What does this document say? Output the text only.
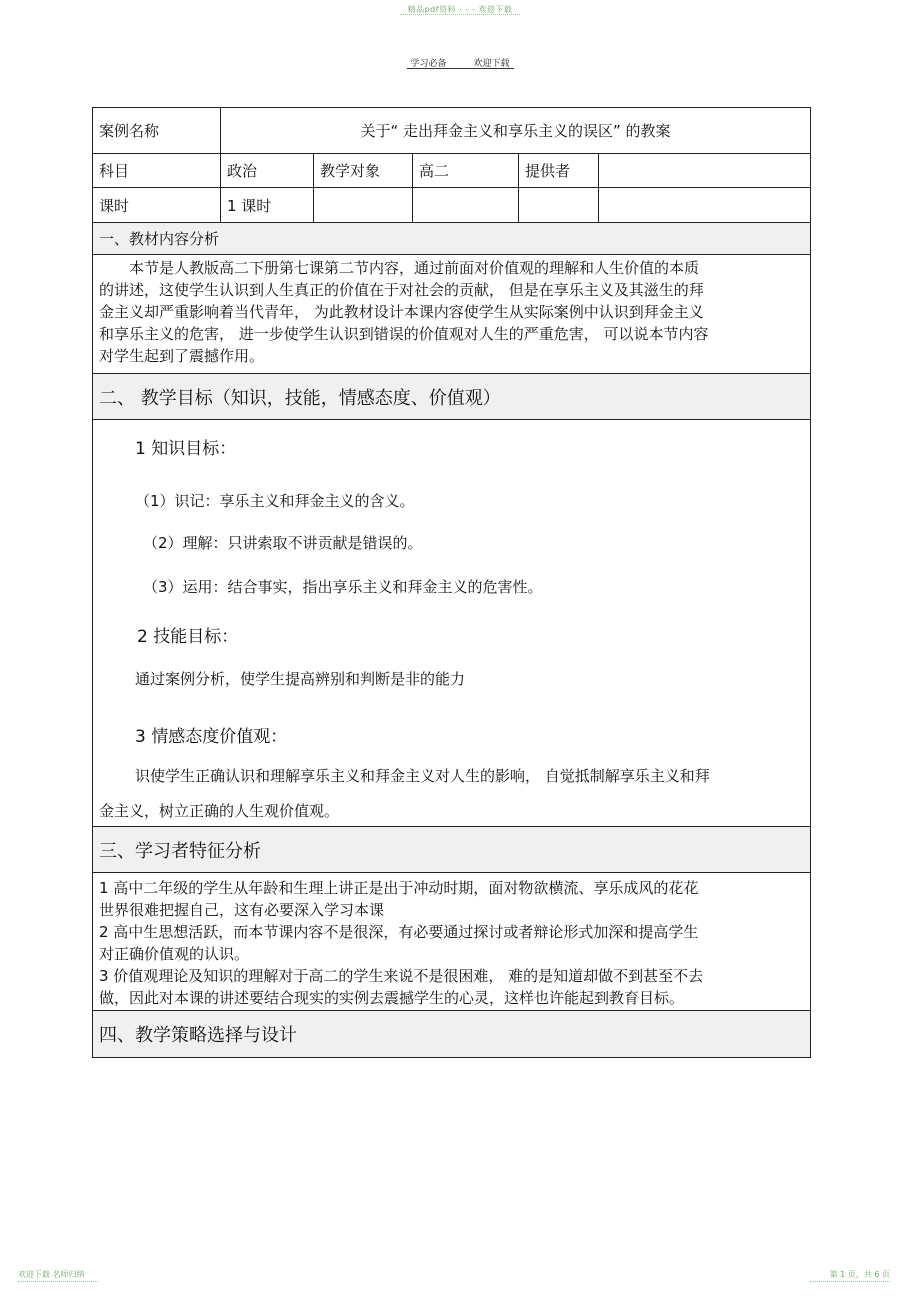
精品pdf资料 - - - 欢迎下载
学习必备	欢迎下载
案例名称	关于“ 走出拜金主义和享乐主义的误区” 的教案
科目	政治	教学对象	高二	提供者
课时	1 课时
一、教材内容分析
本节是人教版高二下册第七课第二节内容，通过前面对价值观的理解和人生价值的本质
的讲述，这使学生认识到人生真正的价值在于对社会的贡献， 但是在享乐主义及其滋生的拜
金主义却严重影响着当代青年， 为此教材设计本课内容使学生从实际案例中认识到拜金主义
和享乐主义的危害， 进一步使学生认识到错误的价值观对人生的严重危害， 可以说本节内容
对学生起到了震撼作用。
二、 教学目标（知识，技能，情感态度、价值观）
1 知识目标：
（1）识记：享乐主义和拜金主义的含义。
（2）理解：只讲索取不讲贡献是错误的。
（3）运用：结合事实，指出享乐主义和拜金主义的危害性。
2 技能目标：
通过案例分析，使学生提高辨别和判断是非的能力
3 情感态度价值观：
识使学生正确认识和理解享乐主义和拜金主义对人生的影响， 自觉抵制解享乐主义和拜
金主义，树立正确的人生观价值观。
三、学习者特征分析
1 高中二年级的学生从年龄和生理上讲正是出于冲动时期，面对物欲横流、享乐成风的花花
世界很难把握自己，这有必要深入学习本课
2 高中生思想活跃，而本节课内容不是很深，有必要通过探讨或者辩论形式加深和提高学生
对正确价值观的认识。
3 价值观理论及知识的理解对于高二的学生来说不是很困难， 难的是知道却做不到甚至不去
做，因此对本课的讲述要结合现实的实例去震撼学生的心灵，这样也许能起到教育目标。
四、教学策略选择与设计
欢迎下载 名师归纳	第 1 页，共 6 页
